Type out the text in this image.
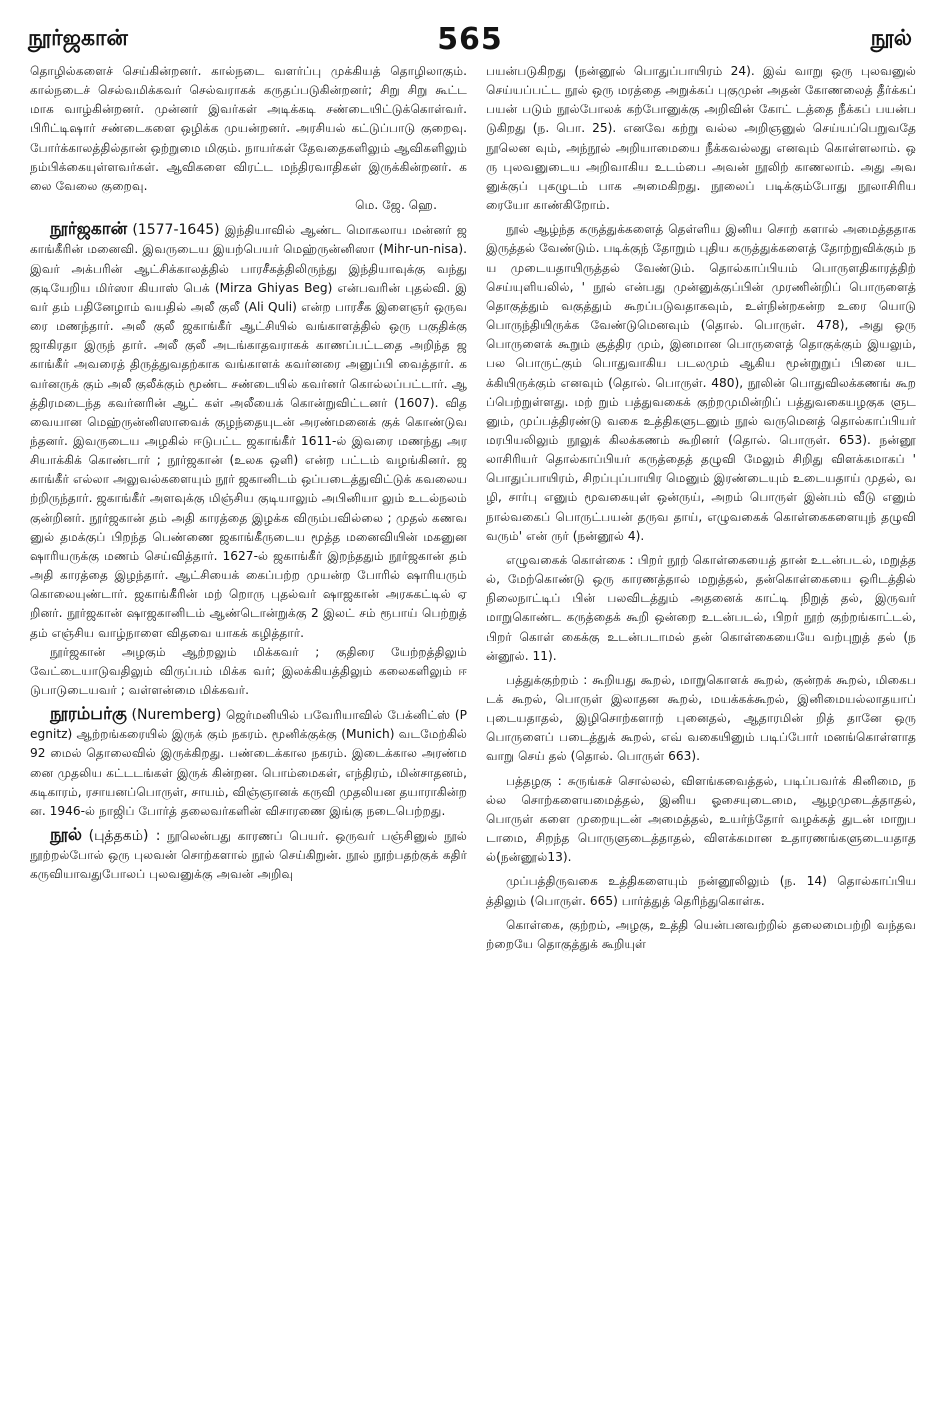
நூர்ஜகான்	565	நூல்

தொழில்களைச் செய்கின்றனர். கால்நடை வளர்ப்பு முக்கியத் தொழிலாகும். கால்நடைச் செல்வமிக்கவர் செல்வராகக் கருதப்படுகின்றனர்; சிறு சிறு கூட்ட மாக வாழ்கின்றனர். முன்னர் இவர்கள் அடிக்கடி சண்டையிட்டுக்கொள்வர். பிரிட்டிஷார் சண்டைகளை ஒழிக்க முயன்றனர். அரசியல் கட்டுப்பாடு குறைவு. போர்க்காலத்தில்தான் ஒற்றுமை மிகும். நாயர்கள் தேவதைகளிலும் ஆவிகளிலும் நம்பிக்கையுள்ளவர்கள். ஆவிகளை விரட்ட மந்திரவாதிகள் இருக்கின்றனர். கலை வேலை குறைவு.

மெ. ஜே. ஹெ.

நூர்ஜகான் (1577-1645) இந்தியாவில் ஆண்ட மொகலாய மன்னர் ஜகாங்கீரின் மனைவி. இவருடைய இயற்பெயர் மெஹ்ருன்னிஸா (Mihr-un-nisa). இவர் அக்பரின் ஆட்சிக்காலத்தில் பாரசீகத்திலிருந்து இந்தியாவுக்கு வந்து குடியேறிய மிர்ஸா கியாஸ் பெக் (Mirza Ghiyas Beg) என்பவரின் புதல்வி. இவர் தம் பதினேழாம் வயதில் அலீ குலீ (Ali Quli) என்ற பாரசீக இளைஞர் ஒருவரை மணந்தார். அலீ குலீ ஜகாங்கீர் ஆட்சியில் வங்காளத்தில் ஒரு பகுதிக்கு ஜாகிரதா இருந் தார். அலீ குலீ அடங்காதவராகக் காணப்பட்டதை அறிந்த ஜகாங்கீர் அவரைத் திருத்துவதற்காக வங்காளக் கவர்னரை அனுப்பி வைத்தார். கவர்னருக் கும் அலீ குலீக்கும் மூண்ட சண்டையில் கவர்னர் கொல்லப்பட்டார். ஆத்திரமடைந்த கவர்னரின் ஆட் கள் அலீயைக் கொன்றுவிட்டனர் (1607). விதவையான மெஹ்ருன்னிஸாவைக் குழந்தையுடன் அரண்மனைக் குக் கொண்டுவந்தனர். இவருடைய அழகில் ஈடுபட்ட ஜகாங்கீர் 1611-ல் இவரை மணந்து அரசியாக்கிக் கொண்டார் ; நூர்ஜகான் (உலக ஒளி) என்ற பட்டம் வழங்கினர். ஜகாங்கீர் எல்லா அலுவல்களையும் நூர் ஜகானிடம் ஒப்படைத்துவிட்டுக் கவலையற்றிருந்தார். ஜகாங்கீர் அளவுக்கு மிஞ்சிய குடியாலும் அபினியா லும் உடல்நலம் குன்றினர். நூர்ஜகான் தம் அதி காரத்தை இழக்க விரும்பவில்லை ; முதல் கணவனுல் தமக்குப் பிறந்த பெண்ணை ஜகாங்கீருடைய மூத்த மனைவியின் மகனுன ஷாரியருக்கு மணம் செய்வித்தார். 1627-ல் ஜகாங்கீர் இறந்ததும் நூர்ஜகான் தம் அதி காரத்தை இழந்தார். ஆட்சியைக் கைப்பற்ற முயன்ற போரில் ஷாரியரும் கொலையுண்டார். ஜகாங்கீரின் மற் றொரு புதல்வர் ஷாஜகான் அரசுகட்டில் ஏறினர். நூர்ஜகான் ஷாஜகானிடம் ஆண்டொன்றுக்கு 2 இலட் சம் ரூபாய் பெற்றுத் தம் எஞ்சிய வாழ்நாளை விதவை யாகக் கழித்தார்.

நூர்ஜகான் அழகும் ஆற்றலும் மிக்கவர் ; குதிரை யேற்றத்திலும் வேட்டையாடுவதிலும் விருப்பம் மிக்க வர்; இலக்கியத்திலும் கலைகளிலும் ஈடுபாடுடையவர் ; வள்ளன்மை மிக்கவர்.

நூரம்பர்கு (Nuremberg) ஜெர்மனியில் பவேரியாவில் பேக்னிட்ஸ் (Pegnitz) ஆற்றங்கரையில் இருக் கும் நகரம். மூனிக்குக்கு (Munich) வடமேற்கில் 92 மைல் தொலைவில் இருக்கிறது. பண்டைக்கால நகரம். இடைக்கால அரண்மனை முதலிய கட்டடங்கள் இருக் கின்றன. பொம்மைகள், எந்திரம், மின்சாதனம், கடிகாரம், ரசாயனப்பொருள், சாயம், விஞ்ஞானக் கருவி முதலியன தயாராகின்றன. 1946-ல் நாஜிப் போர்த் தலைவர்களின் விசாரணை இங்கு நடைபெற்றது.

நூல் (புத்தகம்) : நூலென்பது காரணப் பெயர். ஒருவர் பஞ்சினுல் நூல் நூற்றல்போல் ஒரு புலவன் சொற்களால் நூல் செய்கிறுன். நூல் நூற்பதற்குக் கதிர் கருவியாவதுபோலப் புலவனுக்கு அவன் அறிவு

பயன்படுகிறது (நன்னூல் பொதுப்பாயிரம் 24). இவ் வாறு ஒரு புலவனுல் செய்யப்பட்ட நூல் ஒரு மரத்தை அறுக்கப் புகுமுன் அதன் கோணலைத் தீர்க்கப் பயன் படும் நூல்போலக் கற்போனுக்கு அறிவின் கோட் டத்தை நீக்கப் பயன்படுகிறது (ந. பொ. 25). எனவே கற்று வல்ல அறிஞனுல் செய்யப்பெறுவதே நூலென வும், அந்நூல் அறியாமையை நீக்கவல்லது எனவும் கொள்ளலாம். ஒரு புலவனுடைய அறிவாகிய உடம்பை அவன் நூலிற் காணலாம். அது அவனுக்குப் புகழுடம் பாக அமைகிறது. நூலைப் படிக்கும்போது நூலாசிரிய ரையோ காண்கிறோம்.

நூல் ஆழ்ந்த கருத்துக்களைத் தெள்ளிய இனிய சொற் களால் அமைத்ததாக இருத்தல் வேண்டும். படிக்குந் தோறும் புதிய கருத்துக்களைத் தோற்றுவிக்கும் நய முடையதாயிருத்தல் வேண்டும். தொல்காப்பியம் பொருளதிகாரத்திற் செய்யுளியலில், ' நூல் என்பது முன்னுக்குப்பின் முரணின்றிப் பொருளைத் தொகுத்தும் வகுத்தும் கூறப்படுவதாகவும், உள்நின்றகன்ற உரை யொடு பொருந்தியிருக்க வேண்டுமெனவும் (தொல். பொருள். 478), அது ஒரு பொருளைக் கூறும் சூத்திர மும், இனமான பொருளைத் தொகுக்கும் இயலும், பல பொருட்கும் பொதுவாகிய படலமும் ஆகிய மூன்றுறுப் பினை யடக்கியிருக்கும் எனவும் (தொல். பொருள். 480), நூலின் பொதுவிலக்கணங் கூறப்பெற்றுள்ளது. மற் றும் பத்துவகைக் குற்றமுமின்றிப் பத்துவகையழகுக ளுடனும், முப்பத்திரண்டு வகை உத்திகளுடனும் நூல் வருமெனத் தொல்காப்பியர் மரபியலிலும் நூலுக் கிலக்கணம் கூறினர் (தொல். பொருள். 653). நன்னூ லாசிரியர் தொல்காப்பியர் கருத்தைத் தழுவி மேலும் சிறிது விளக்கமாகப் ' பொதுப்பாயிரம், சிறப்புப்பாயிர மெனும் இரண்டையும் உடையதாய் முதல், வழி, சார்பு எனும் மூவகையுள் ஒன்ருய், அறம் பொருள் இன்பம் வீடு எனும் நால்வகைப் பொருட்பயன் தருவ தாய், எழுவகைக் கொள்கைகளையுந் தழுவி வரும்' என் ருர் (நன்னூல் 4).

எழுவகைக் கொள்கை : பிறர் நூற் கொள்கையைத் தான் உடன்படல், மறுத்தல், மேற்கொண்டு ஒரு காரணத்தால் மறுத்தல், தன்கொள்கையை ஒரிடத்தில் நிலைநாட்டிப் பின் பலவிடத்தும் அதனைக் காட்டி நிறுத் தல், இருவர் மாறுகொண்ட கருத்தைக் கூறி ஒன்றை உடன்படல், பிறர் நூற் குற்றங்காட்டல், பிறர் கொள் கைக்கு உடன்படாமல் தன் கொள்கையையே வற்புறுத் தல் (நன்னூல். 11).

பத்துக்குற்றம் : கூறியது கூறல், மாறுகொளக் கூறல், குன்றக் கூறல், மிகைபடக் கூறல், பொருள் இலாதன கூறல், மயக்கக்கூறல், இனிமையல்லாதயாப் புடையதாதல், இழிசொற்களாற் புனைதல், ஆதாரமின் றித் தானே ஒரு பொருளைப் படைத்துக் கூறல், எவ் வகையினும் படிப்போர் மனங்கொள்ளாதவாறு செய் தல் (தொல். பொருள் 663).

பத்தழகு : சுருங்கச் சொல்லல், விளங்கவைத்தல், படிப்பவர்க் கினிமை, நல்ல சொற்களையமைத்தல், இனிய ஓசையுடைமை, ஆழமுடைத்தாதல், பொருள் களை முறையுடன் அமைத்தல், உயர்ந்தோர் வழக்கத் துடன் மாறுபடாமை, சிறந்த பொருளுடைத்தாதல், விளக்கமான உதாரணங்களுடையதாதல்(நன்னூல்13).

முப்பத்திருவகை உத்திகளையும் நன்னூலிலும் (ந. 14) தொல்காப்பியத்திலும் (பொருள். 665) பார்த்துத் தெரிந்துகொள்க.

கொள்கை, குற்றம், அழகு, உத்தி யென்பனவற்றில் தலைமைபற்றி வந்தவற்றையே தொகுத்துக் கூறியுள்
